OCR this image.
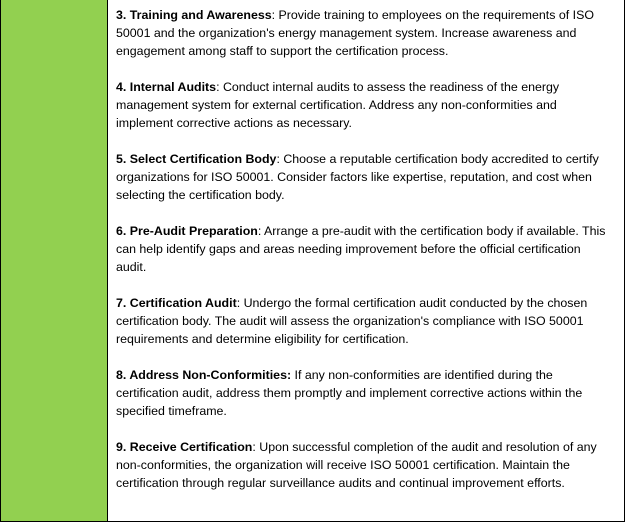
3. Training and Awareness: Provide training to employees on the requirements of ISO 50001 and the organization's energy management system. Increase awareness and engagement among staff to support the certification process.

4. Internal Audits: Conduct internal audits to assess the readiness of the energy management system for external certification. Address any non-conformities and implement corrective actions as necessary.

5. Select Certification Body: Choose a reputable certification body accredited to certify organizations for ISO 50001. Consider factors like expertise, reputation, and cost when selecting the certification body.

6. Pre-Audit Preparation: Arrange a pre-audit with the certification body if available. This can help identify gaps and areas needing improvement before the official certification audit.

7. Certification Audit: Undergo the formal certification audit conducted by the chosen certification body. The audit will assess the organization's compliance with ISO 50001 requirements and determine eligibility for certification.

8. Address Non-Conformities: If any non-conformities are identified during the certification audit, address them promptly and implement corrective actions within the specified timeframe.

9. Receive Certification: Upon successful completion of the audit and resolution of any non-conformities, the organization will receive ISO 50001 certification. Maintain the certification through regular surveillance audits and continual improvement efforts.
